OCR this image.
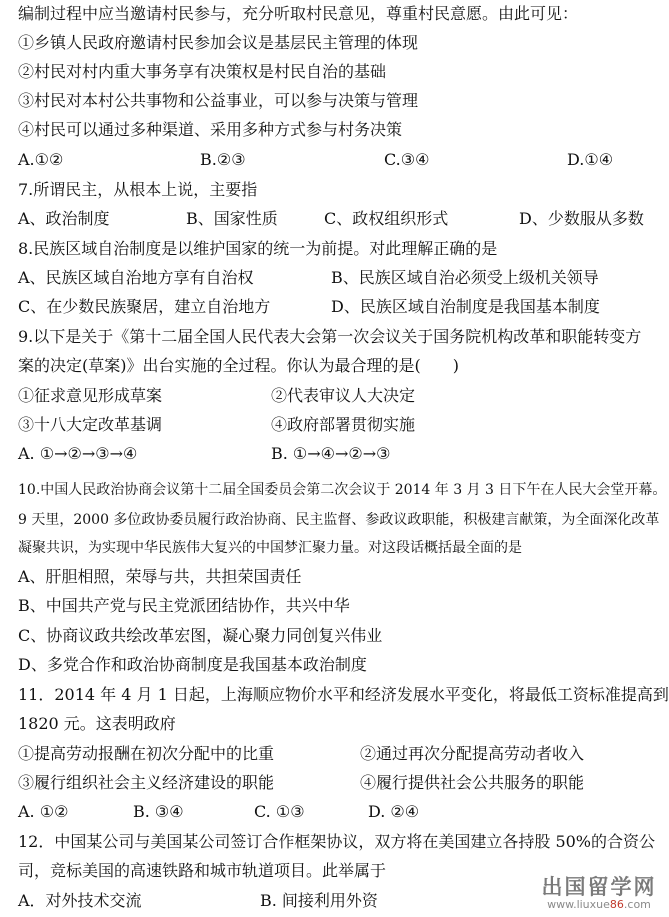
编制过程中应当邀请村民参与，充分听取村民意见，尊重村民意愿。由此可见：
①乡镇人民政府邀请村民参加会议是基层民主管理的体现
②村民对村内重大事务享有决策权是村民自治的基础
③村民对本村公共事物和公益事业，可以参与决策与管理
④村民可以通过多种渠道、采用多种方式参与村务决策
A.①②	B.②③	C.③④	D.①④
7.所谓民主，从根本上说，主要指
A、政治制度	B、国家性质	C、政权组织形式	D、少数服从多数
8.民族区域自治制度是以维护国家的统一为前提。对此理解正确的是
A、民族区域自治地方享有自治权	B、民族区域自治必须受上级机关领导
C、在少数民族聚居，建立自治地方	D、民族区域自治制度是我国基本制度
9.以下是关于《第十二届全国人民代表大会第一次会议关于国务院机构改革和职能转变方
案的决定(草案)》出台实施的全过程。你认为最合理的是(　　)
①征求意见形成草案	②代表审议人大决定
③十八大定改革基调	④政府部署贯彻实施
A. ①→②→③→④	B. ①→④→②→③
10.中国人民政治协商会议第十二届全国委员会第二次会议于 2014 年 3 月 3 日下午在人民大会堂开幕。
9 天里，2000 多位政协委员履行政治协商、民主监督、参政议政职能，积极建言献策，为全面深化改革
凝聚共识，为实现中华民族伟大复兴的中国梦汇聚力量。对这段话概括最全面的是
A、肝胆相照，荣辱与共，共担荣国责任
B、中国共产党与民主党派团结协作，共兴中华
C、协商议政共绘改革宏图，凝心聚力同创复兴伟业
D、多党合作和政治协商制度是我国基本政治制度
11．2014 年 4 月 1 日起，上海顺应物价水平和经济发展水平变化，将最低工资标准提高到
1820 元。这表明政府
①提高劳动报酬在初次分配中的比重	②通过再次分配提高劳动者收入
③履行组织社会主义经济建设的职能	④履行提供社会公共服务的职能
A. ①②	B. ③④	C. ①③	D. ②④
12．中国某公司与美国某公司签订合作框架协议，双方将在美国建立各持股 50%的合资公
司，竞标美国的高速铁路和城市轨道项目。此举属于
A．对外技术交流	B. 间接利用外资
出国留学网
www.liuxue86.com
